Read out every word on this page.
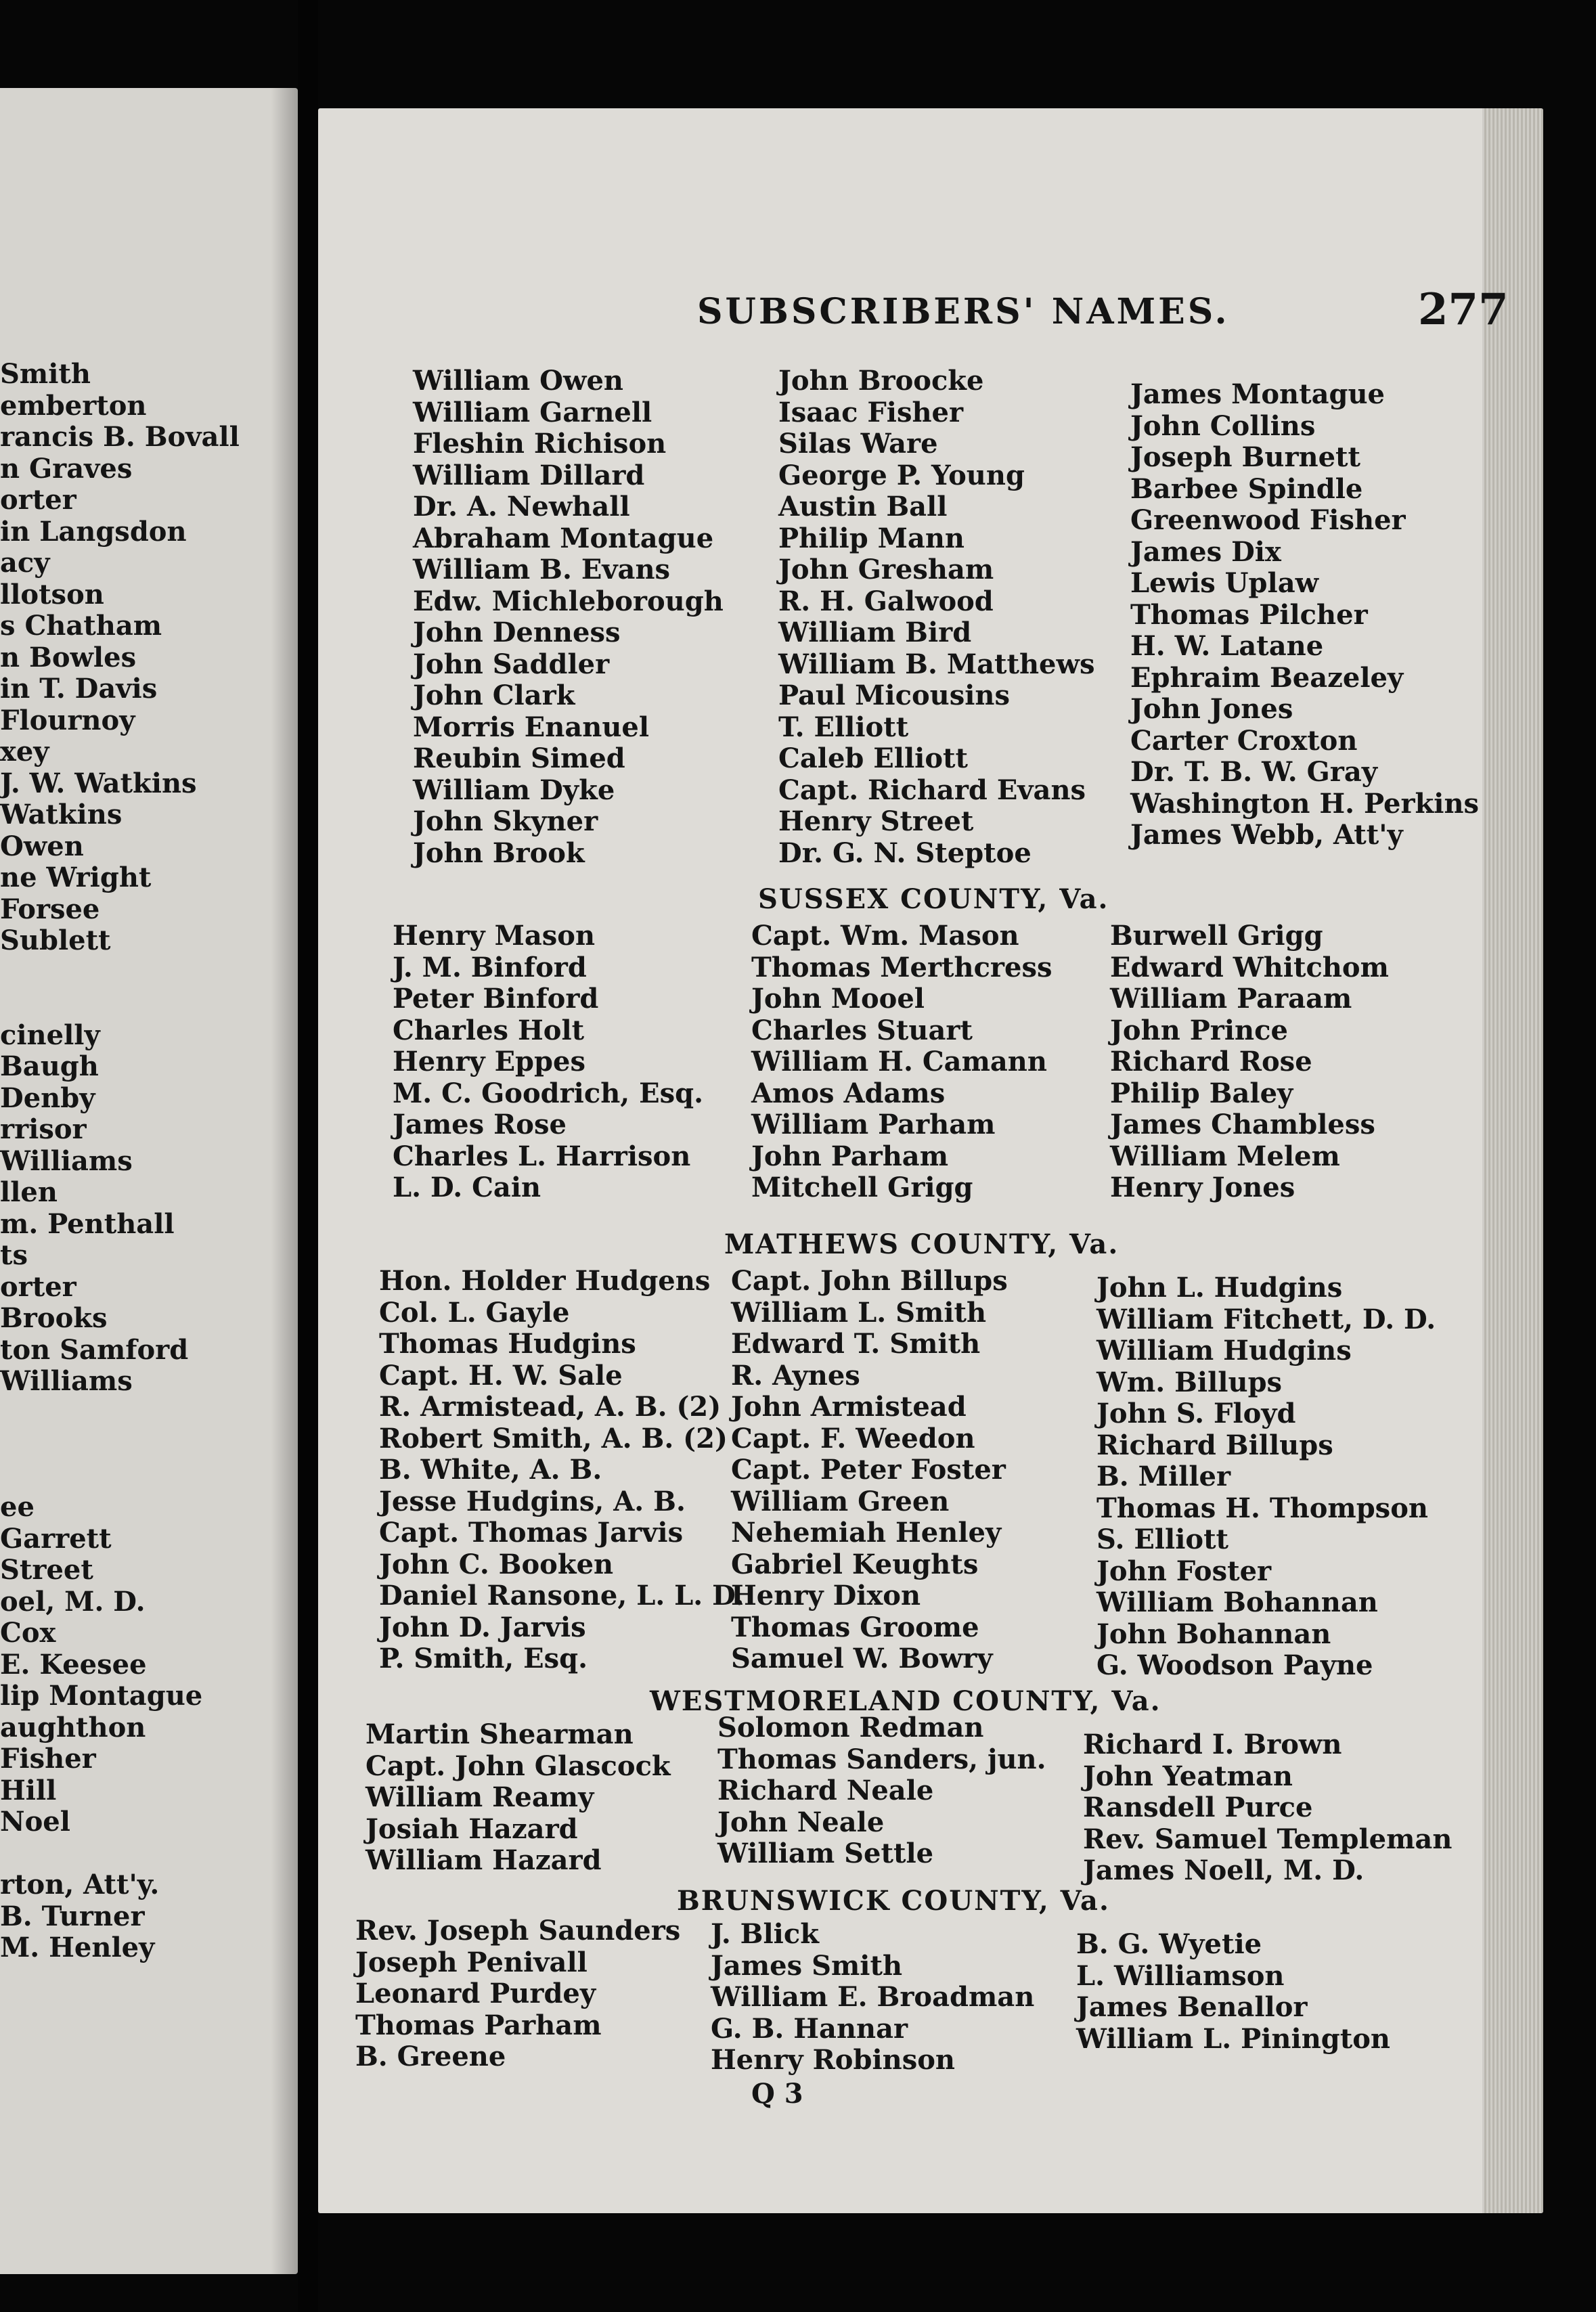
Smith
emberton
rancis B. Bovall
n Graves
orter
in Langsdon
acy
llotson
s Chatham
n Bowles
in T. Davis
Flournoy
xey
J. W. Watkins
Watkins
Owen
ne Wright
Forsee
Sublett
cinelly
Baugh
Denby
rrisor
Williams
llen
m. Penthall
ts
orter
Brooks
ton Samford
Williams
ee
Garrett
Street
oel, M. D.
Cox
E. Keesee
lip Montague
aughthon
Fisher
Hill
Noel
rton, Att'y.
B. Turner
M. Henley
SUBSCRIBERS' NAMES.	277
William Owen
William Garnell
Fleshin Richison
William Dillard
Dr. A. Newhall
Abraham Montague
William B. Evans
Edw. Michleborough
John Denness
John Saddler
John Clark
Morris Enanuel
Reubin Simed
William Dyke
John Skyner
John Brook
John Broocke
Isaac Fisher
Silas Ware
George P. Young
Austin Ball
Philip Mann
John Gresham
R. H. Galwood
William Bird
William B. Matthews
Paul Micousins
T. Elliott
Caleb Elliott
Capt. Richard Evans
Henry Street
Dr. G. N. Steptoe
James Montague
John Collins
Joseph Burnett
Barbee Spindle
Greenwood Fisher
James Dix
Lewis Uplaw
Thomas Pilcher
H. W. Latane
Ephraim Beazeley
John Jones
Carter Croxton
Dr. T. B. W. Gray
Washington H. Perkins
James Webb, Att'y
SUSSEX COUNTY, Va.
Henry Mason
J. M. Binford
Peter Binford
Charles Holt
Henry Eppes
M. C. Goodrich, Esq.
James Rose
Charles L. Harrison
L. D. Cain
Capt. Wm. Mason
Thomas Merthcress
John Mooel
Charles Stuart
William H. Camann
Amos Adams
William Parham
John Parham
Mitchell Grigg
Burwell Grigg
Edward Whitchom
William Paraam
John Prince
Richard Rose
Philip Baley
James Chambless
William Melem
Henry Jones
MATHEWS COUNTY, Va.
Hon. Holder Hudgens
Col. L. Gayle
Thomas Hudgins
Capt. H. W. Sale
R. Armistead, A. B. (2)
Robert Smith, A. B. (2)
B. White, A. B.
Jesse Hudgins, A. B.
Capt. Thomas Jarvis
John C. Booken
Daniel Ransone, L. L. D.
John D. Jarvis
P. Smith, Esq.
Capt. John Billups
William L. Smith
Edward T. Smith
R. Aynes
John Armistead
Capt. F. Weedon
Capt. Peter Foster
William Green
Nehemiah Henley
Gabriel Keughts
Henry Dixon
Thomas Groome
Samuel W. Bowry
John L. Hudgins
William Fitchett, D. D.
William Hudgins
Wm. Billups
John S. Floyd
Richard Billups
B. Miller
Thomas H. Thompson
S. Elliott
John Foster
William Bohannan
John Bohannan
G. Woodson Payne
WESTMORELAND COUNTY, Va.
Martin Shearman
Capt. John Glascock
William Reamy
Josiah Hazard
William Hazard
Solomon Redman
Thomas Sanders, jun.
Richard Neale
John Neale
William Settle
Richard I. Brown
John Yeatman
Ransdell Purce
Rev. Samuel Templeman
James Noell, M. D.
BRUNSWICK COUNTY, Va.
Rev. Joseph Saunders
Joseph Penivall
Leonard Purdey
Thomas Parham
B. Greene
J. Blick
James Smith
William E. Broadman
G. B. Hannar
Henry Robinson
B. G. Wyetie
L. Williamson
James Benallor
William L. Pinington
Q 3
